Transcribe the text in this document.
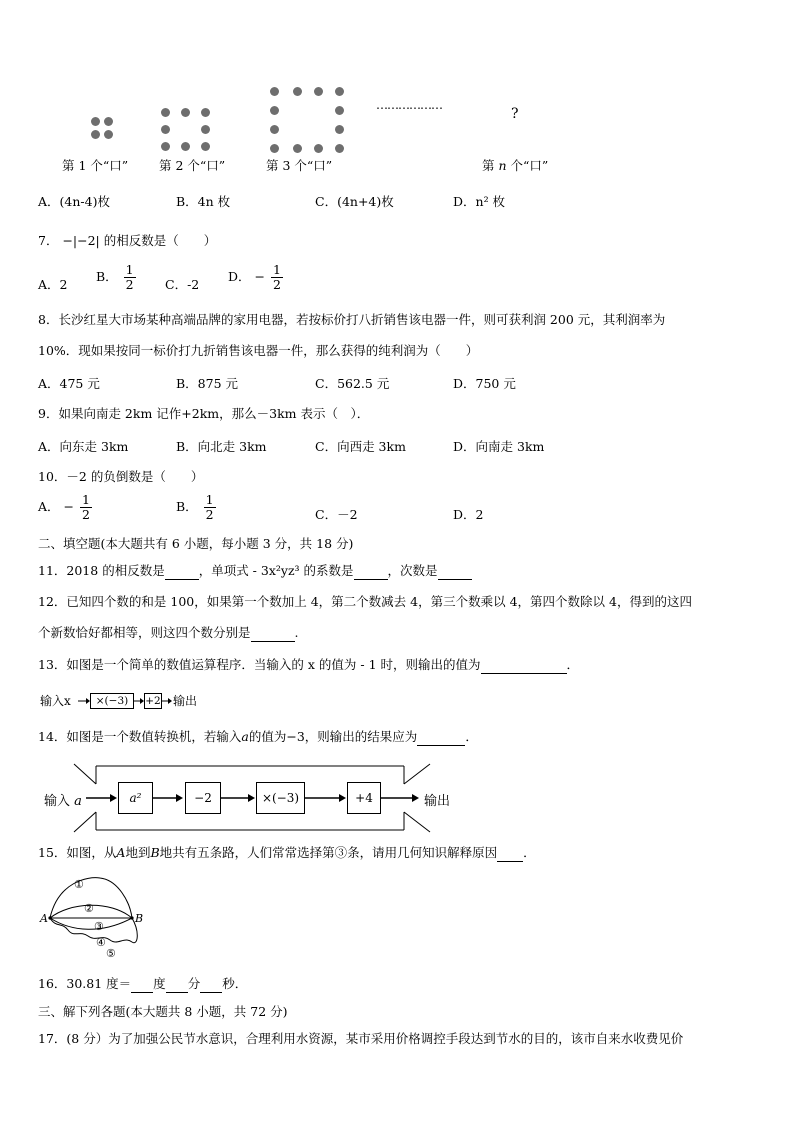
………………
?
第 1 个“口” 第 2 个“口”	第 3 个“口”	第 n 个“口”
A．(4n-4)枚	B．4n 枚	C．(4n+4)枚	D．n² 枚
7． −|−2| 的相反数是（　　）
A．2
B． $\frac{1}{2}$ C．-2
D． − $\frac{1}{2}$
8．长沙红星大市场某种高端品牌的家用电器，若按标价打八折销售该电器一件，则可获利润 200 元，其利润率为
10%．现如果按同一标价打九折销售该电器一件，那么获得的纯利润为（　　）
A．475 元	B．875 元	C．562.5 元	D．750 元
9．如果向南走 2km 记作+2km，那么－3km 表示（　）．
A．向东走 3km	B．向北走 3km	C．向西走 3km	D．向南走 3km
10．－2 的负倒数是（　　）
A． − $\frac{1}{2}$	B． $\frac{1}{2}$	C．－2	D．2
二、填空题(本大题共有 6 小题，每小题 3 分，共 18 分)
11．2018 的相反数是	，单项式 - 3x²yz³ 的系数是	，次数是
12．已知四个数的和是 100，如果第一个数加上 4，第二个数减去 4，第三个数乘以 4，第四个数除以 4，得到的这四
个新数恰好都相等，则这四个数分别是	.
13．如图是一个简单的数值运算程序．当输入的 x 的值为 - 1 时，则输出的值为	．
输入x	×(−3)	+2 输出
14．如图是一个数值转换机，若输入a的值为−3，则输出的结果应为	．
输入 a	a²	−2	×(−3)	+4	输出
15．如图，从A地到B地共有五条路，人们常常选择第③条，请用几何知识解释原因 ．
①
②
③
④
⑤
A	B
16．30.81 度＝ 度 分 秒．
三、解下列各题(本大题共 8 小题，共 72 分)
17．(8 分）为了加强公民节水意识，合理利用水资源，某市采用价格调控手段达到节水的目的，该市自来水收费见价
